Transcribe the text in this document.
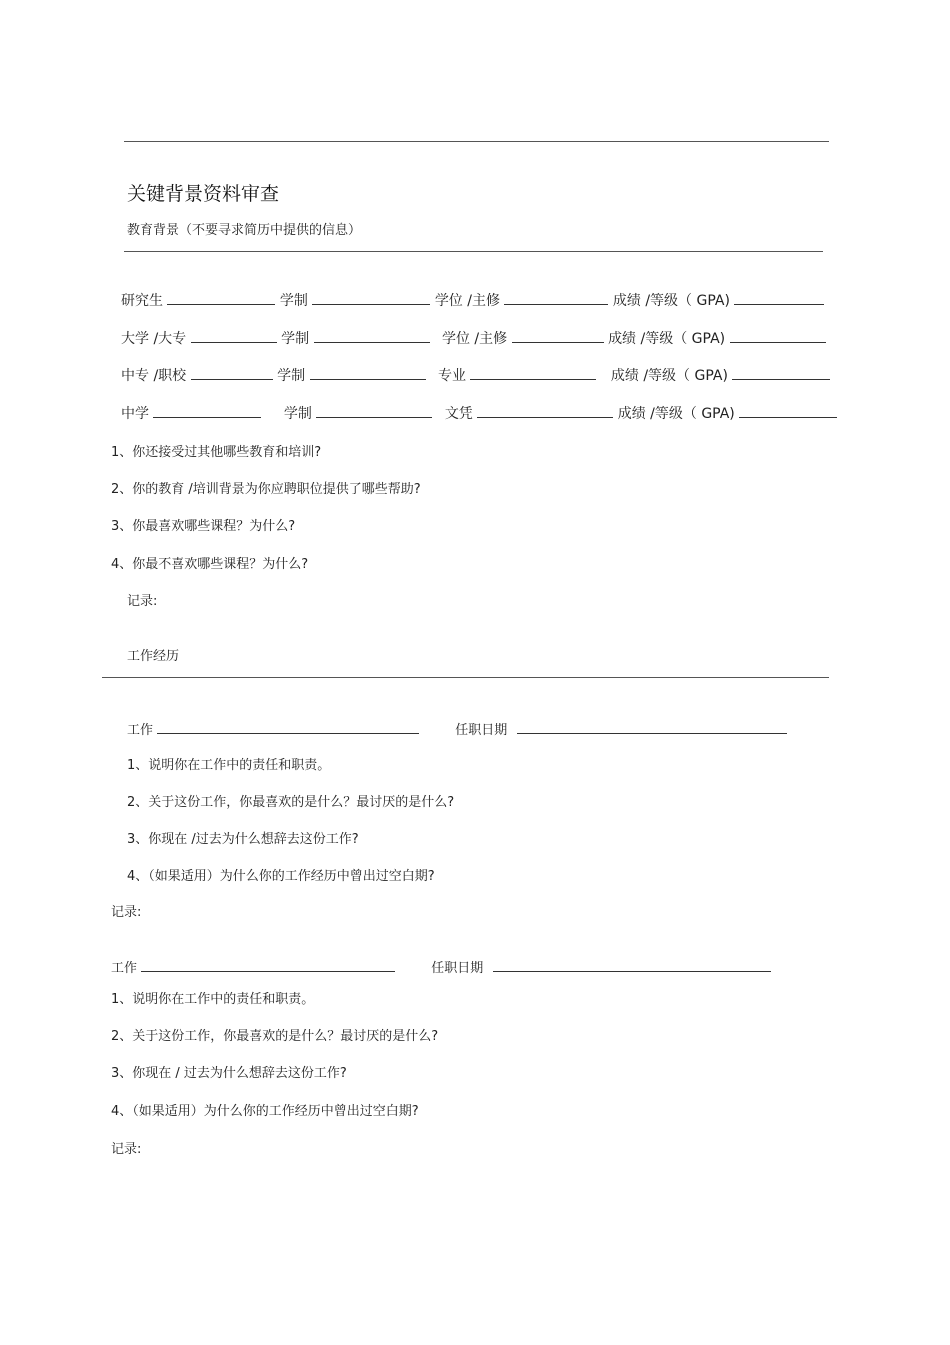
关键背景资料审查
教育背景（不要寻求简历中提供的信息）
研究生	学制	学位 /主修	成绩 /等级（ GPA)
大学 /大专	学制	学位 /主修	成绩 /等级（ GPA)
中专 /职校	学制	专业	成绩 /等级（ GPA)
中学	学制	文凭	成绩 /等级（ GPA)
1、你还接受过其他哪些教育和培训?
2、你的教育 /培训背景为你应聘职位提供了哪些帮助?
3、你最喜欢哪些课程？为什么?
4、你最不喜欢哪些课程？为什么?
记录:
工作经历
工作	任职日期
1、说明你在工作中的责任和职责。
2、关于这份工作，你最喜欢的是什么？最讨厌的是什么?
3、你现在 /过去为什么想辞去这份工作?
4、（如果适用）为什么你的工作经历中曾出过空白期?
记录:
工作	任职日期
1、说明你在工作中的责任和职责。
2、关于这份工作，你最喜欢的是什么？最讨厌的是什么?
3、你现在 / 过去为什么想辞去这份工作?
4、（如果适用）为什么你的工作经历中曾出过空白期?
记录:
